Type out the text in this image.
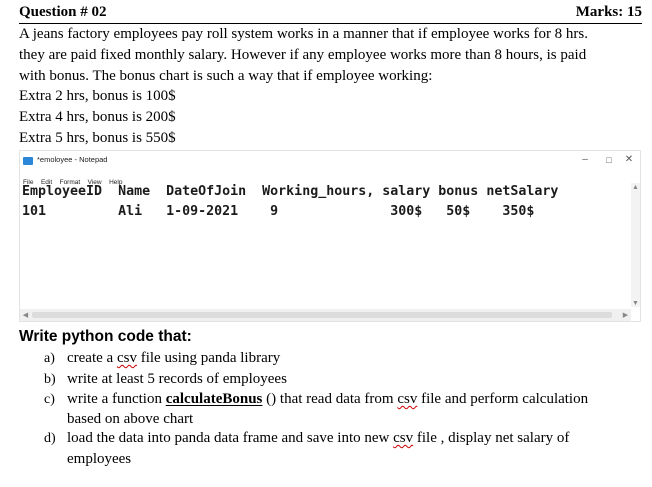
Question # 02	Marks: 15
A jeans factory employees pay roll system works in a manner that if employee works for 8 hrs.
they are paid fixed monthly salary. However if any employee works more than 8 hours, is paid
with bonus. The bonus chart is such a way that if employee working:
Extra 2 hrs, bonus is 100$
Extra 4 hrs, bonus is 200$
Extra 5 hrs, bonus is 550$
*emoloyee - Notepad	–	□	✕
File Edit Format View Help
EmployeeID  Name  DateOfJoin  Working_hours, salary bonus netSalary
101         Ali   1-09-2021    9              300$   50$    350$
▲
▼
◀	▶
Write python code that:
a) create a csv file using panda library
b) write at least 5 records of employees
c) write a function calculateBonus () that read data from csv file and perform calculation
based on above chart
d) load the data into panda data frame and save into new csv file , display net salary of
employees
